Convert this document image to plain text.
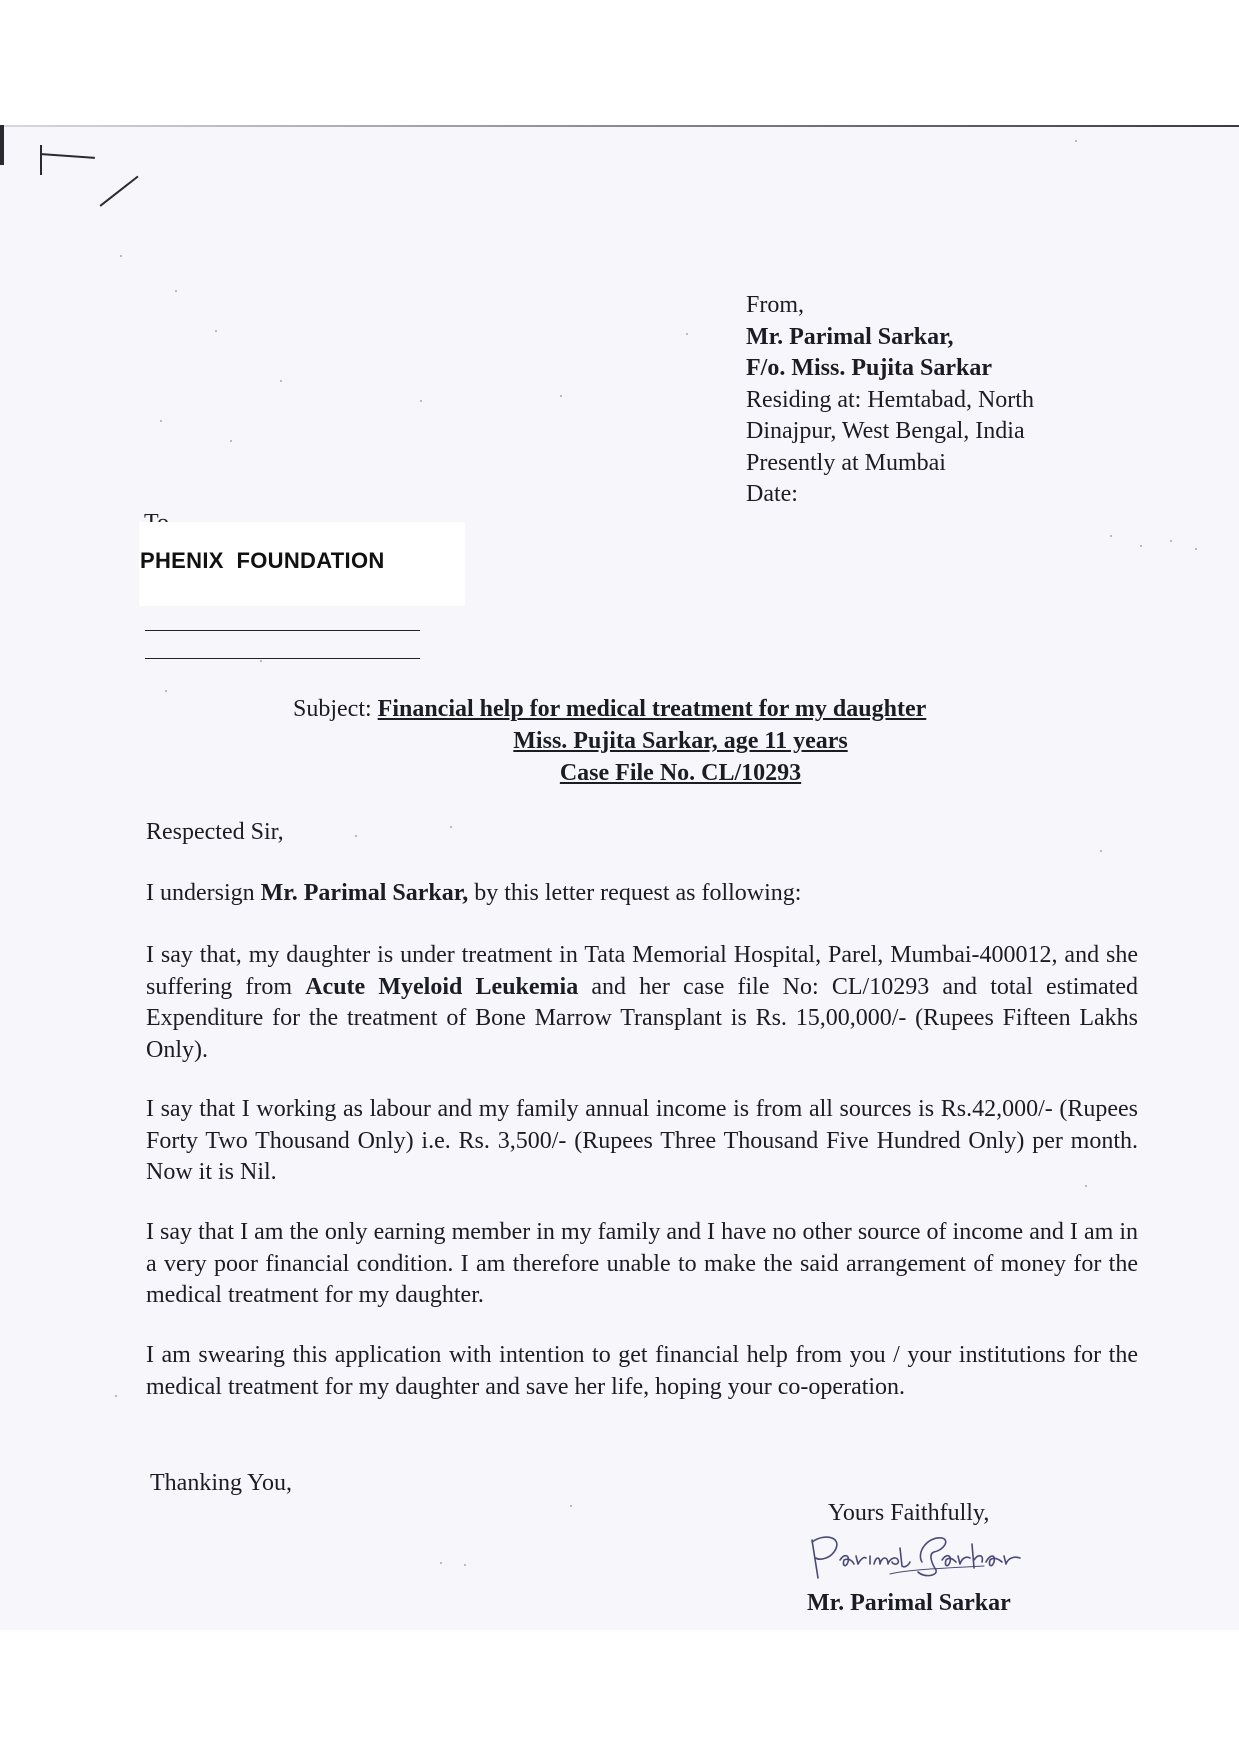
From,
Mr. Parimal Sarkar,
F/o. Miss. Pujita Sarkar
Residing at: Hemtabad, North
Dinajpur, West Bengal, India
Presently at Mumbai
Date:
PHENIX  FOUNDATION
Subject: Financial help for medical treatment for my daughter
Miss. Pujita Sarkar, age 11 years
Case File No. CL/10293
Respected Sir,
I undersign Mr. Parimal Sarkar, by this letter request as following:
I say that, my daughter is under treatment in Tata Memorial Hospital, Parel, Mumbai-400012, and she suffering from Acute Myeloid Leukemia and her case file No: CL/10293 and total estimated Expenditure for the treatment of Bone Marrow Transplant is Rs. 15,00,000/- (Rupees Fifteen Lakhs Only).
I say that I working as labour and my family annual income is from all sources is Rs.42,000/- (Rupees Forty Two Thousand Only) i.e. Rs. 3,500/- (Rupees Three Thousand Five Hundred Only) per month. Now it is Nil.
I say that I am the only earning member in my family and I have no other source of income and I am in a very poor financial condition. I am therefore unable to make the said arrangement of money for the medical treatment for my daughter.
I am swearing this application with intention to get financial help from you / your institutions for the medical treatment for my daughter and save her life, hoping your co-operation.
Thanking You,
Yours Faithfully,
Mr. Parimal Sarkar
